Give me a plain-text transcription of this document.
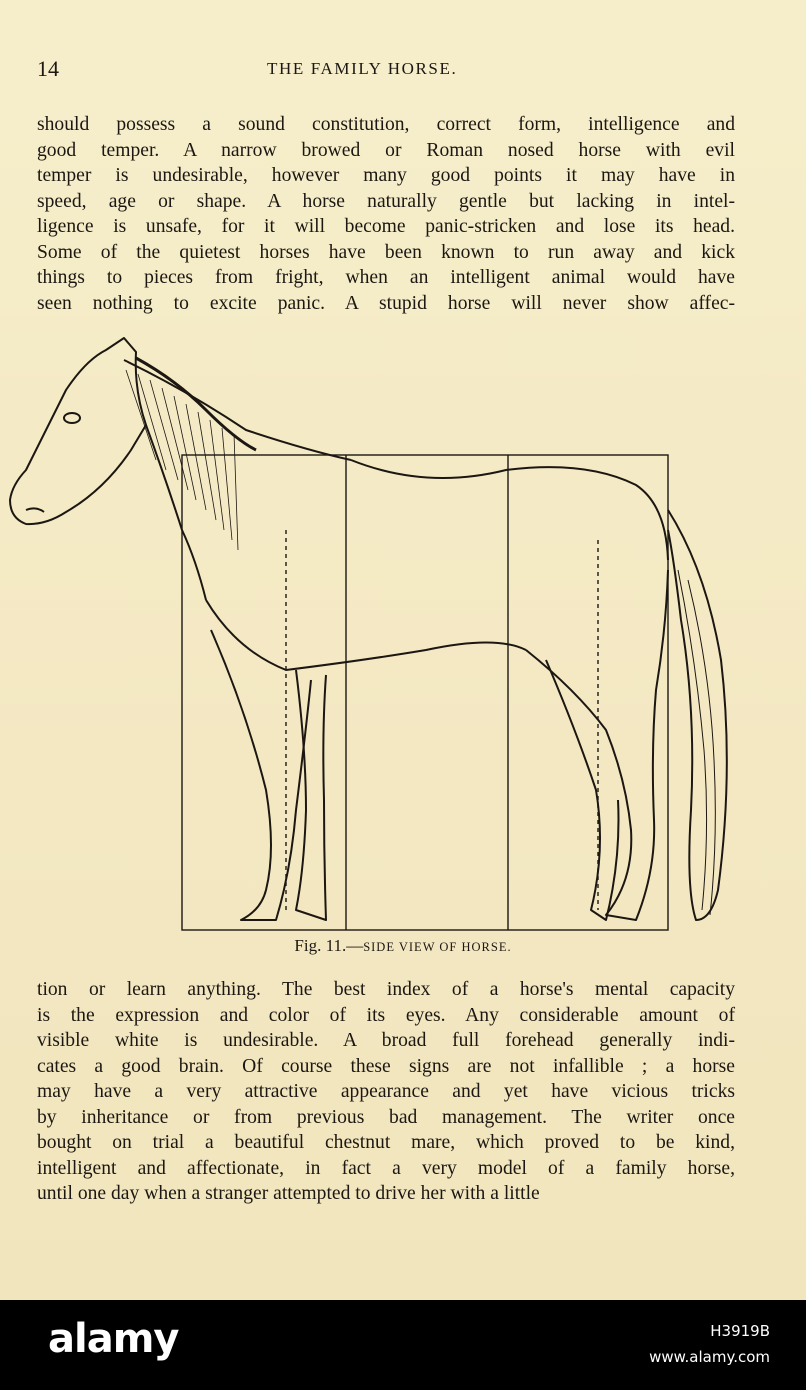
14	THE FAMILY HORSE.
should possess a sound constitution, correct form, intelligence and
good temper. A narrow browed or Roman nosed horse with evil
temper is undesirable, however many good points it may have in
speed, age or shape. A horse naturally gentle but lacking in intel-
ligence is unsafe, for it will become panic-stricken and lose its head.
Some of the quietest horses have been known to run away and kick
things to pieces from fright, when an intelligent animal would have
seen nothing to excite panic. A stupid horse will never show affec-
Fig. 11.—SIDE VIEW OF HORSE.
tion or learn anything. The best index of a horse's mental capacity
is the expression and color of its eyes. Any considerable amount of
visible white is undesirable. A broad full forehead generally indi-
cates a good brain. Of course these signs are not infallible ; a horse
may have a very attractive appearance and yet have vicious tricks
by inheritance or from previous bad management. The writer once
bought on trial a beautiful chestnut mare, which proved to be kind,
intelligent and affectionate, in fact a very model of a family horse,
until one day when a stranger attempted to drive her with a little
alamy	H3919B
www.alamy.com
